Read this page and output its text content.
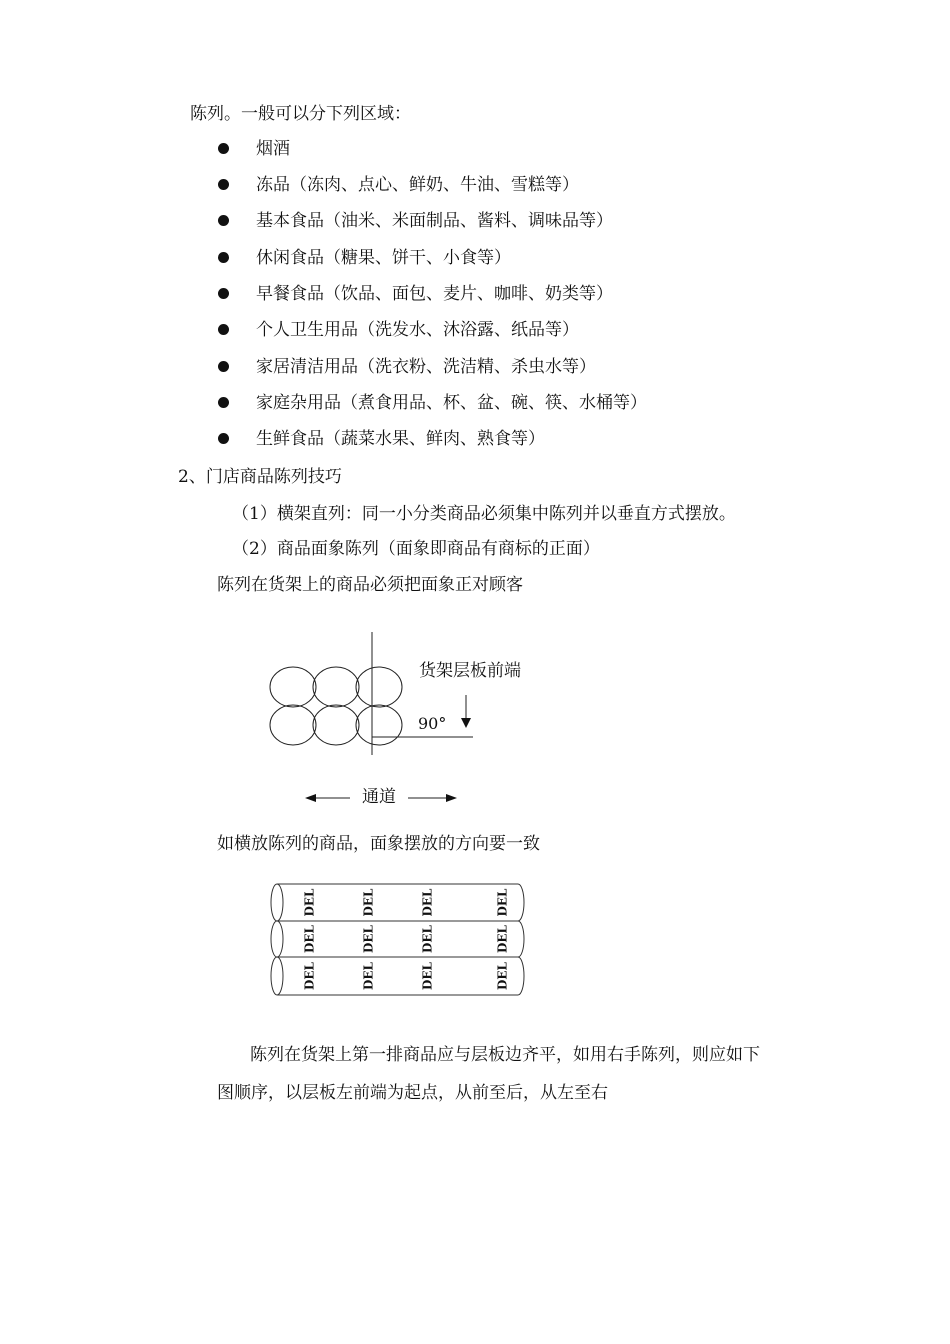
陈列。一般可以分下列区域：
烟酒
冻品（冻肉、点心、鲜奶、牛油、雪糕等）
基本食品（油米、米面制品、酱料、调味品等）
休闲食品（糖果、饼干、小食等）
早餐食品（饮品、面包、麦片、咖啡、奶类等）
个人卫生用品（洗发水、沐浴露、纸品等）
家居清洁用品（洗衣粉、洗洁精、杀虫水等）
家庭杂用品（煮食用品、杯、盆、碗、筷、水桶等）
生鲜食品（蔬菜水果、鲜肉、熟食等）
2、门店商品陈列技巧
（1）横架直列：同一小分类商品必须集中陈列并以垂直方式摆放。
（2）商品面象陈列（面象即商品有商标的正面）
陈列在货架上的商品必须把面象正对顾客
货架层板前端
90°
通道
如横放陈列的商品，面象摆放的方向要一致
DEL	DEL	DEL	DEL
DEL	DEL	DEL	DEL
DEL	DEL	DEL	DEL
陈列在货架上第一排商品应与层板边齐平，如用右手陈列，则应如下
图顺序，以层板左前端为起点，从前至后，从左至右
